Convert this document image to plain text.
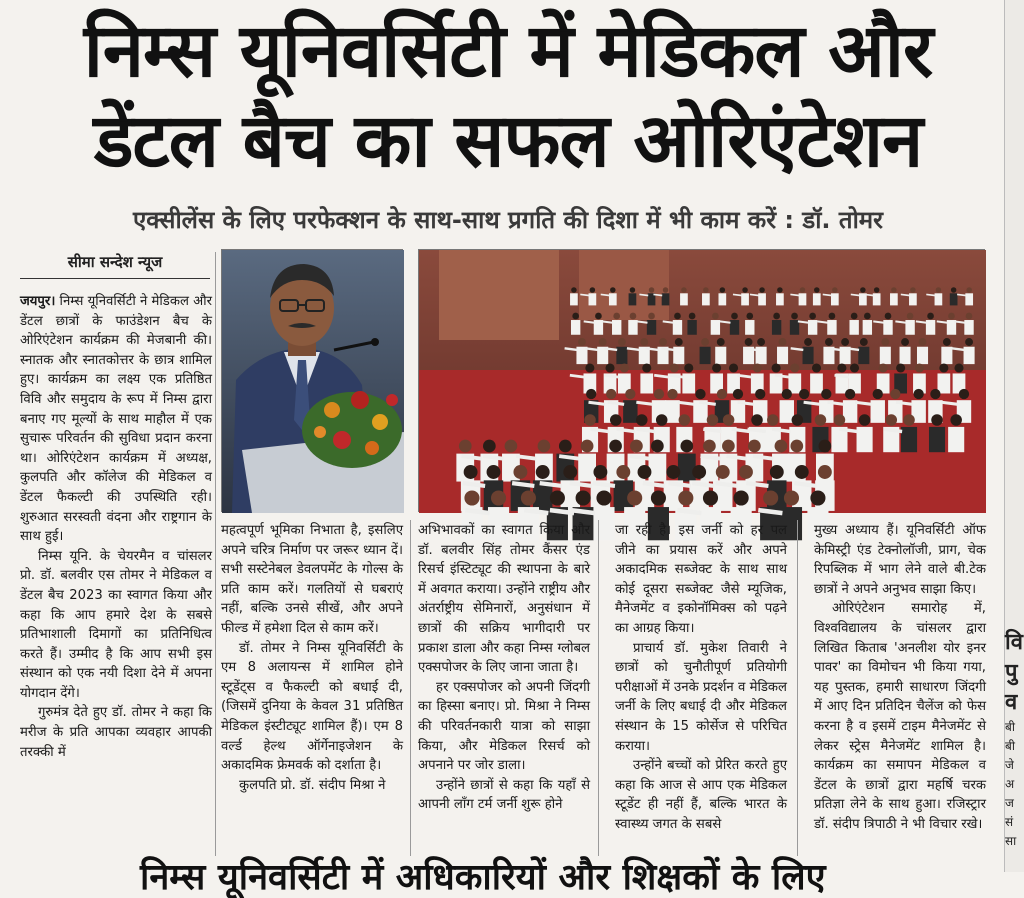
निम्स यूनिवर्सिटी में मेडिकल और
डेंटल बैच का सफल ओरिएंटेशन
एक्सीलेंस के लिए परफेक्शन के साथ-साथ प्रगति की दिशा में भी काम करें : डॉ. तोमर
सीमा सन्देश न्यूज

जयपुर। निम्स यूनिवर्सिटी ने मेडिकल और डेंटल छात्रों के फाउंडेशन बैच के ओरिएंटेशन कार्यक्रम की मेजबानी की। स्नातक और स्नातकोत्तर के छात्र शामिल हुए। कार्यक्रम का लक्ष्य एक प्रतिष्ठित विवि और समुदाय के रूप में निम्स द्वारा बनाए गए मूल्यों के साथ माहौल में एक सुचारू परिवर्तन की सुविधा प्रदान करना था। ओरिएंटेशन कार्यक्रम में अध्यक्ष, कुलपति और कॉलेज की मेडिकल व डेंटल फैकल्टी की उपस्थिति रही। शुरुआत सरस्वती वंदना और राष्ट्रगान के साथ हुई।

निम्स यूनि. के चेयरमैन व चांसलर प्रो. डॉ. बलवीर एस तोमर ने मेडिकल व डेंटल बैच 2023 का स्वागत किया और कहा कि आप हमारे देश के सबसे प्रतिभाशाली दिमागों का प्रतिनिधित्व करते हैं। उम्मीद है कि आप सभी इस संस्थान को एक नयी दिशा देने में अपना योगदान देंगे।

गुरुमंत्र देते हुए डॉ. तोमर ने कहा कि मरीज के प्रति आपका व्यवहार आपकी तरक्की में

महत्वपूर्ण भूमिका निभाता है, इसलिए अपने चरित्र निर्माण पर जरूर ध्यान दें। सभी सस्टेनेबल डेवलपमेंट के गोल्स के प्रति काम करें। गलतियों से घबराएं नहीं, बल्कि उनसे सीखें, और अपने फील्ड में हमेशा दिल से काम करें।

डॉ. तोमर ने निम्स यूनिवर्सिटी के एम 8 अलायन्स में शामिल होने स्टूडेंट्स व फैकल्टी को बधाई दी, (जिसमें दुनिया के केवल 31 प्रतिष्ठित मेडिकल इंस्टीट्यूट शामिल हैं)। एम 8 वर्ल्ड हेल्थ ऑर्गेनाइजेशन के अकादमिक फ्रेमवर्क को दर्शाता है।

कुलपति प्रो. डॉ. संदीप मिश्रा ने

अभिभावकों का स्वागत किया और डॉ. बलवीर सिंह तोमर कैंसर एंड रिसर्च इंस्टिट्यूट की स्थापना के बारे में अवगत कराया। उन्होंने राष्ट्रीय और अंतर्राष्ट्रीय सेमिनारों, अनुसंधान में छात्रों की सक्रिय भागीदारी पर प्रकाश डाला और कहा निम्स ग्लोबल एक्सपोजर के लिए जाना जाता है।

हर एक्सपोजर को अपनी जिंदगी का हिस्सा बनाए। प्रो. मिश्रा ने निम्स की परिवर्तनकारी यात्रा को साझा किया, और मेडिकल रिसर्च को अपनाने पर जोर डाला।

उन्होंने छात्रों से कहा कि यहाँ से आपनी लॉंग टर्म जर्नी शुरू होने

जा रही है। इस जर्नी को हर पल जीने का प्रयास करें और अपने अकादमिक सब्जेक्ट के साथ साथ कोई दूसरा सब्जेक्ट जैसे म्यूजिक, मैनेजमेंट व इकोनॉमिक्स को पढ़ने का आग्रह किया।

प्राचार्य डॉ. मुकेश तिवारी ने छात्रों को चुनौतीपूर्ण प्रतियोगी परीक्षाओं में उनके प्रदर्शन व मेडिकल जर्नी के लिए बधाई दी और मेडिकल संस्थान के 15 कोर्सेज से परिचित कराया।

उन्होंने बच्चों को प्रेरित करते हुए कहा कि आज से आप एक मेडिकल स्टूडेंट ही नहीं हैं, बल्कि भारत के स्वास्थ्य जगत के सबसे

मुख्य अध्याय हैं। यूनिवर्सिटी ऑफ केमिस्ट्री एंड टेक्नोलॉजी, प्राग, चेक रिपब्लिक में भाग लेने वाले बी.टेक छात्रों ने अपने अनुभव साझा किए।

ओरिएंटेशन समारोह में, विश्वविद्यालय के चांसलर द्वारा लिखित किताब 'अनलीश योर इनर पावर' का विमोचन भी किया गया, यह पुस्तक, हमारी साधारण जिंदगी में आए दिन प्रतिदिन चैलेंज को फेस करना है व इसमें टाइम मैनेजमेंट से लेकर स्ट्रेस मैनेजमेंट शामिल है। कार्यक्रम का समापन मेडिकल व डेंटल के छात्रों द्वारा महर्षि चरक प्रतिज्ञा लेने के साथ हुआ। रजिस्ट्रार डॉ. संदीप त्रिपाठी ने भी विचार रखे।

वि
पु
व
बी
बी
जे
अ
ज
सं
सा
निम्स यूनिवर्सिटी में अधिकारियों और शिक्षकों के लिए
